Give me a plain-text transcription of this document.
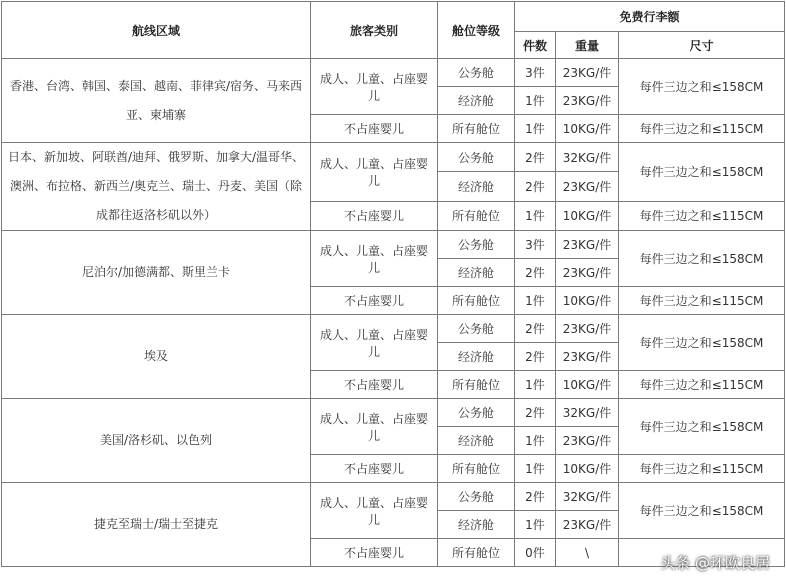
航线区域	旅客类别	舱位等级	免费行李额		
			件数	重量	尺寸
香港、台湾、韩国、泰国、越南、菲律宾/宿务、马来西亚、柬埔寨	成人、儿童、占座婴儿	公务舱	3件	23KG/件	每件三边之和≤158CM
		经济舱	1件	23KG/件	
	不占座婴儿	所有舱位	1件	10KG/件	每件三边之和≤115CM
日本、新加坡、阿联酋/迪拜、俄罗斯、加拿大/温哥华、澳洲、布拉格、新西兰/奥克兰、瑞士、丹麦、美国（除成都往返洛杉矶以外）	成人、儿童、占座婴儿	公务舱	2件	32KG/件	每件三边之和≤158CM
		经济舱	2件	23KG/件	
	不占座婴儿	所有舱位	1件	10KG/件	每件三边之和≤115CM
尼泊尔/加德满都、斯里兰卡	成人、儿童、占座婴儿	公务舱	3件	23KG/件	每件三边之和≤158CM
		经济舱	2件	23KG/件	
	不占座婴儿	所有舱位	1件	10KG/件	每件三边之和≤115CM
埃及	成人、儿童、占座婴儿	公务舱	2件	23KG/件	每件三边之和≤158CM
		经济舱	2件	23KG/件	
	不占座婴儿	所有舱位	1件	10KG/件	每件三边之和≤115CM
美国/洛杉矶、以色列	成人、儿童、占座婴儿	公务舱	2件	32KG/件	每件三边之和≤158CM
		经济舱	1件	23KG/件	
	不占座婴儿	所有舱位	1件	10KG/件	每件三边之和≤115CM
捷克至瑞士/瑞士至捷克	成人、儿童、占座婴儿	公务舱	2件	32KG/件	每件三边之和≤158CM
		经济舱	1件	23KG/件	
	不占座婴儿	所有舱位	0件	\	
头条 @环欧良居
